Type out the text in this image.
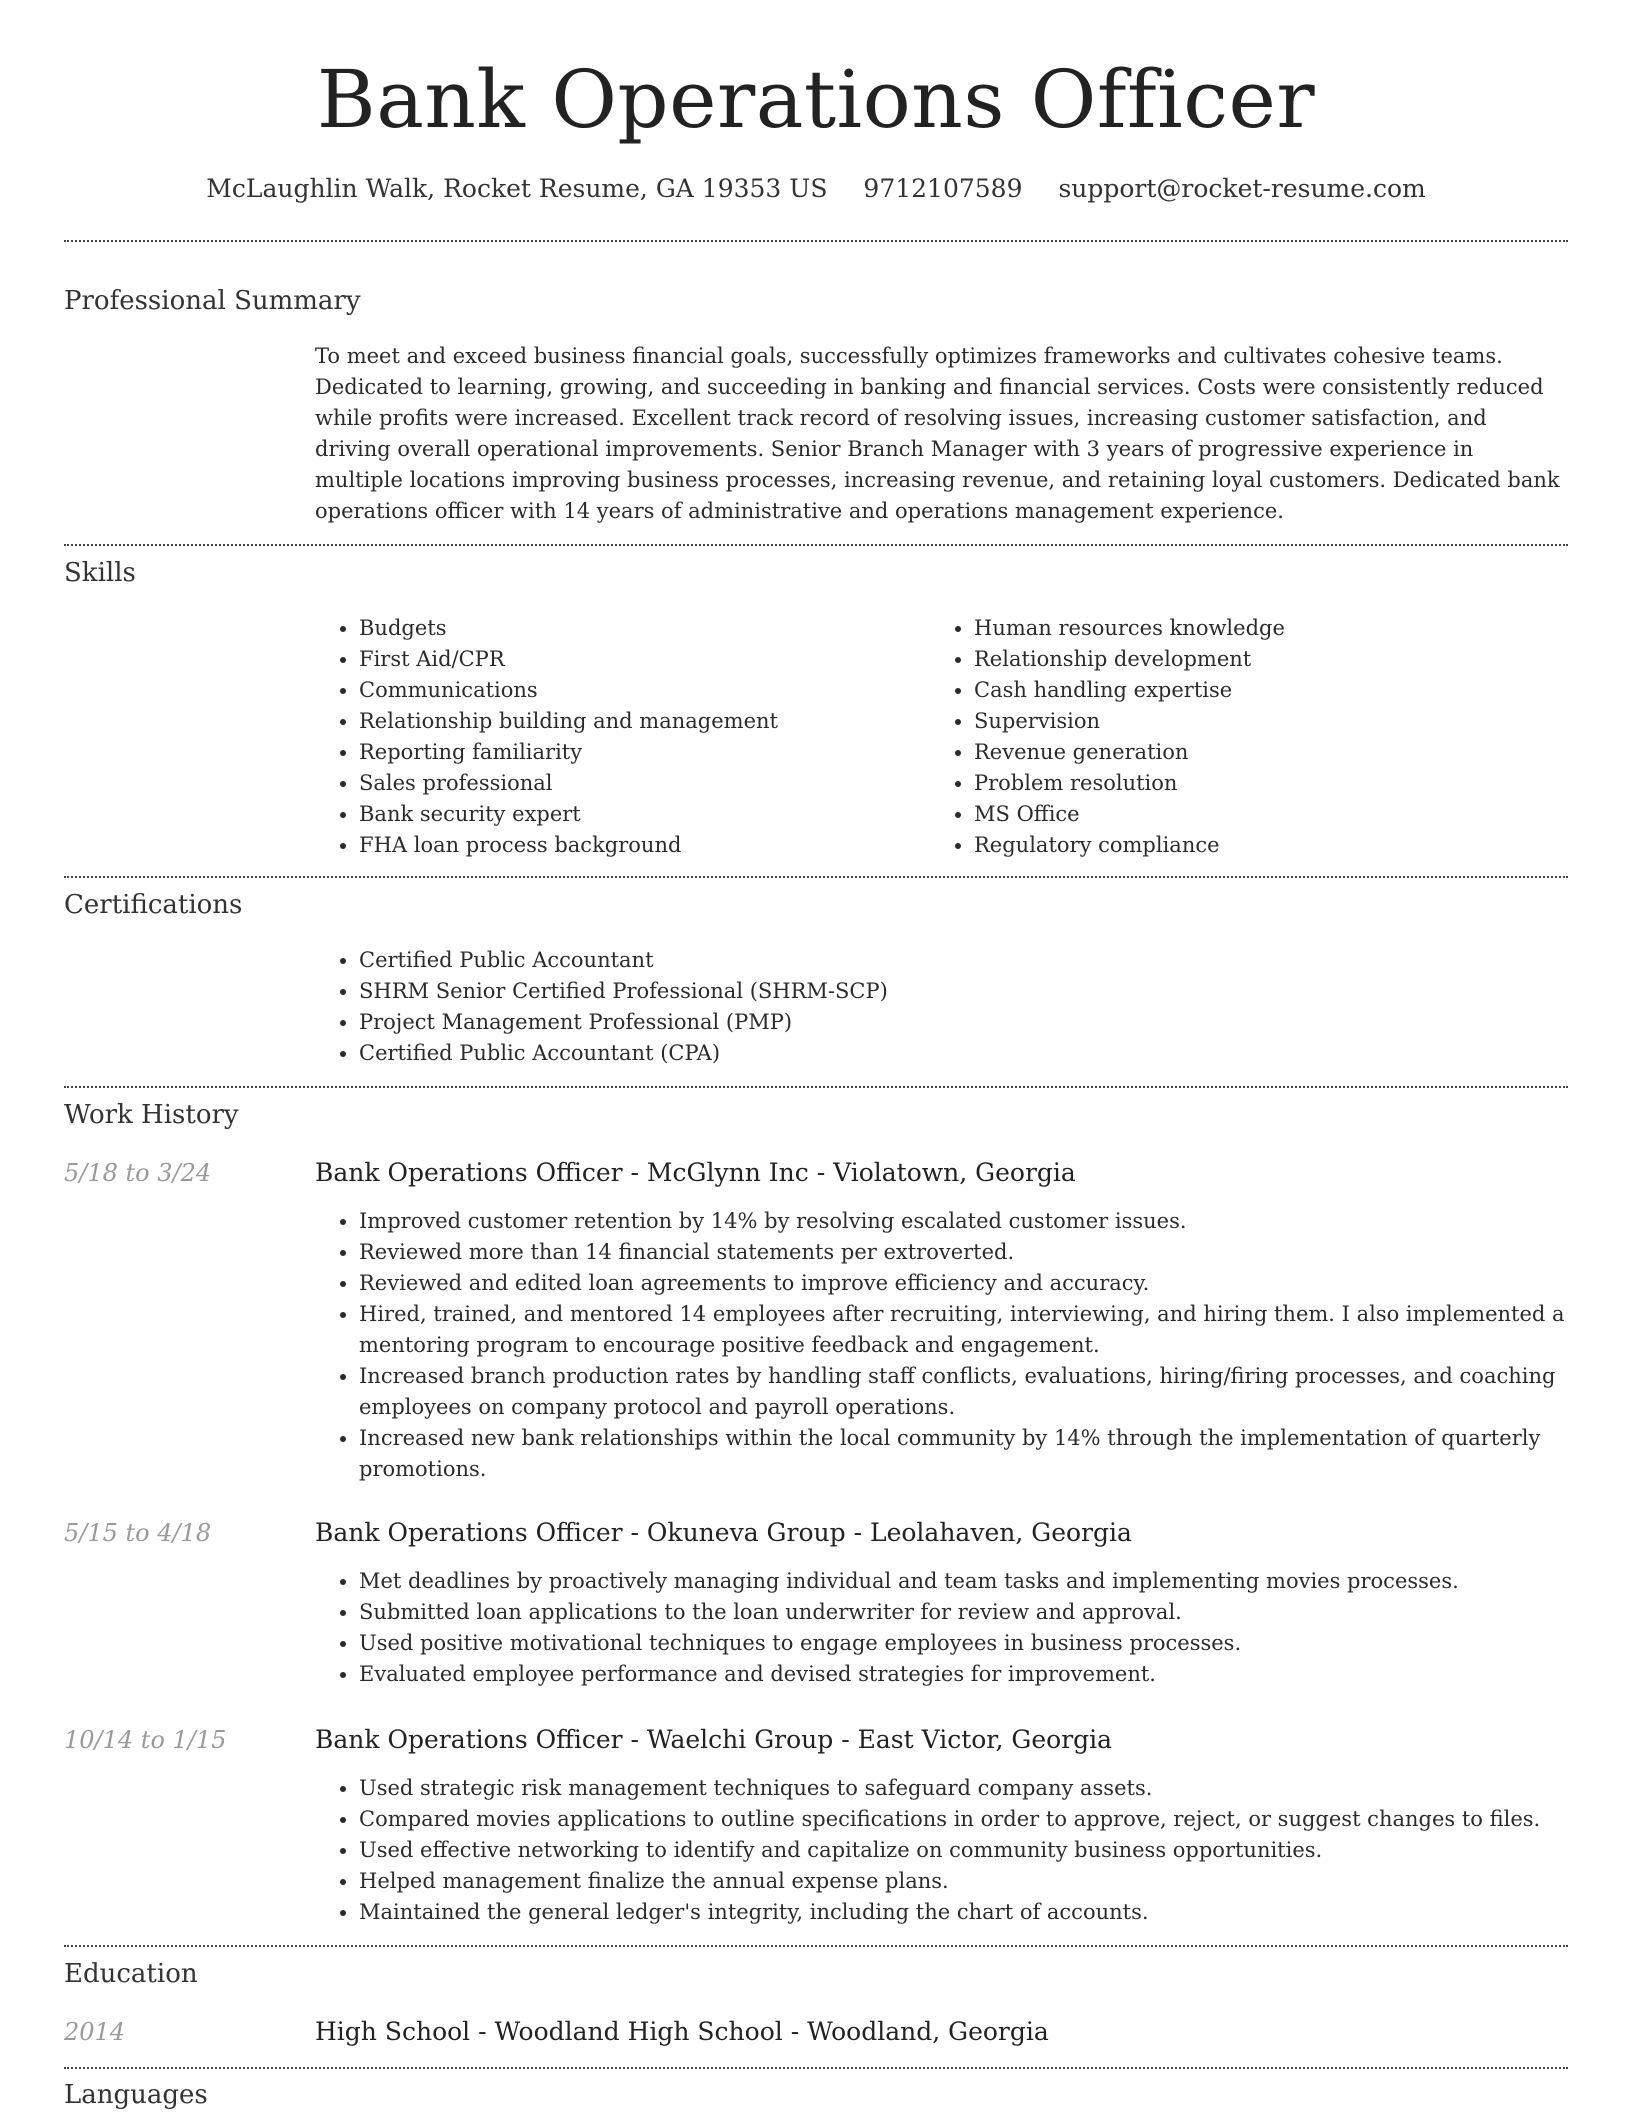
Bank Operations Officer
McLaughlin Walk, Rocket Resume, GA 19353 US 9712107589 support@rocket-resume.com
Professional Summary
To meet and exceed business financial goals, successfully optimizes frameworks and cultivates cohesive teams. Dedicated to learning, growing, and succeeding in banking and financial services. Costs were consistently reduced while profits were increased. Excellent track record of resolving issues, increasing customer satisfaction, and driving overall operational improvements. Senior Branch Manager with 3 years of progressive experience in multiple locations improving business processes, increasing revenue, and retaining loyal customers. Dedicated bank operations officer with 14 years of administrative and operations management experience.
Skills
• Budgets
• First Aid/CPR
• Communications
• Relationship building and management
• Reporting familiarity
• Sales professional
• Bank security expert
• FHA loan process background
• Human resources knowledge
• Relationship development
• Cash handling expertise
• Supervision
• Revenue generation
• Problem resolution
• MS Office
• Regulatory compliance
Certifications
• Certified Public Accountant
• SHRM Senior Certified Professional (SHRM-SCP)
• Project Management Professional (PMP)
• Certified Public Accountant (CPA)
Work History
5/18 to 3/24	Bank Operations Officer - McGlynn Inc - Violatown, Georgia
• Improved customer retention by 14% by resolving escalated customer issues.
• Reviewed more than 14 financial statements per extroverted.
• Reviewed and edited loan agreements to improve efficiency and accuracy.
• Hired, trained, and mentored 14 employees after recruiting, interviewing, and hiring them. I also implemented a mentoring program to encourage positive feedback and engagement.
• Increased branch production rates by handling staff conflicts, evaluations, hiring/firing processes, and coaching employees on company protocol and payroll operations.
• Increased new bank relationships within the local community by 14% through the implementation of quarterly promotions.
5/15 to 4/18	Bank Operations Officer - Okuneva Group - Leolahaven, Georgia
• Met deadlines by proactively managing individual and team tasks and implementing movies processes.
• Submitted loan applications to the loan underwriter for review and approval.
• Used positive motivational techniques to engage employees in business processes.
• Evaluated employee performance and devised strategies for improvement.
10/14 to 1/15	Bank Operations Officer - Waelchi Group - East Victor, Georgia
• Used strategic risk management techniques to safeguard company assets.
• Compared movies applications to outline specifications in order to approve, reject, or suggest changes to files.
• Used effective networking to identify and capitalize on community business opportunities.
• Helped management finalize the annual expense plans.
• Maintained the general ledger's integrity, including the chart of accounts.
Education
2014	High School - Woodland High School - Woodland, Georgia
Languages
